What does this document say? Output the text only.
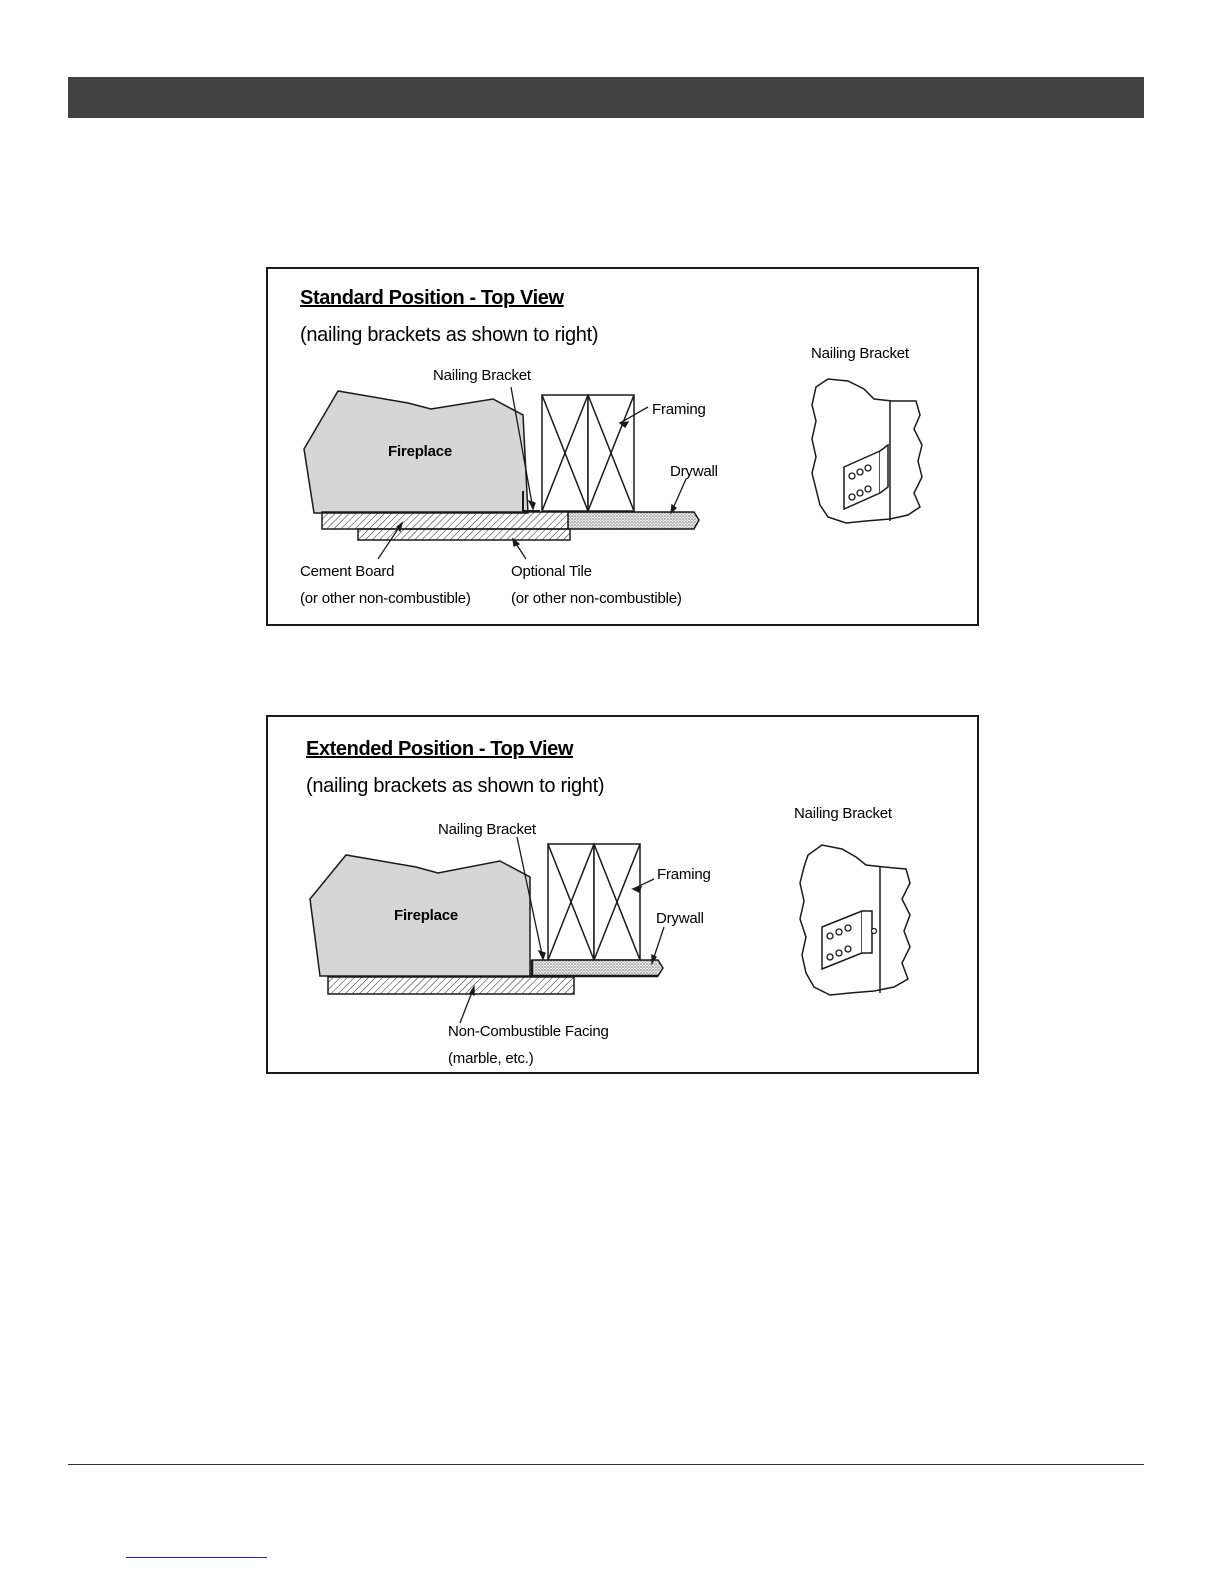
Standard Position - Top View
(nailing brackets as shown to right)
Nailing Bracket
Framing
Fireplace
Drywall
Cement Board
(or other non-combustible)
Optional Tile
(or other non-combustible)
Nailing Bracket
Extended Position - Top View
(nailing brackets as shown to right)
Nailing Bracket
Framing
Fireplace	Drywall
Non-Combustible Facing
(marble, etc.)
Nailing Bracket
